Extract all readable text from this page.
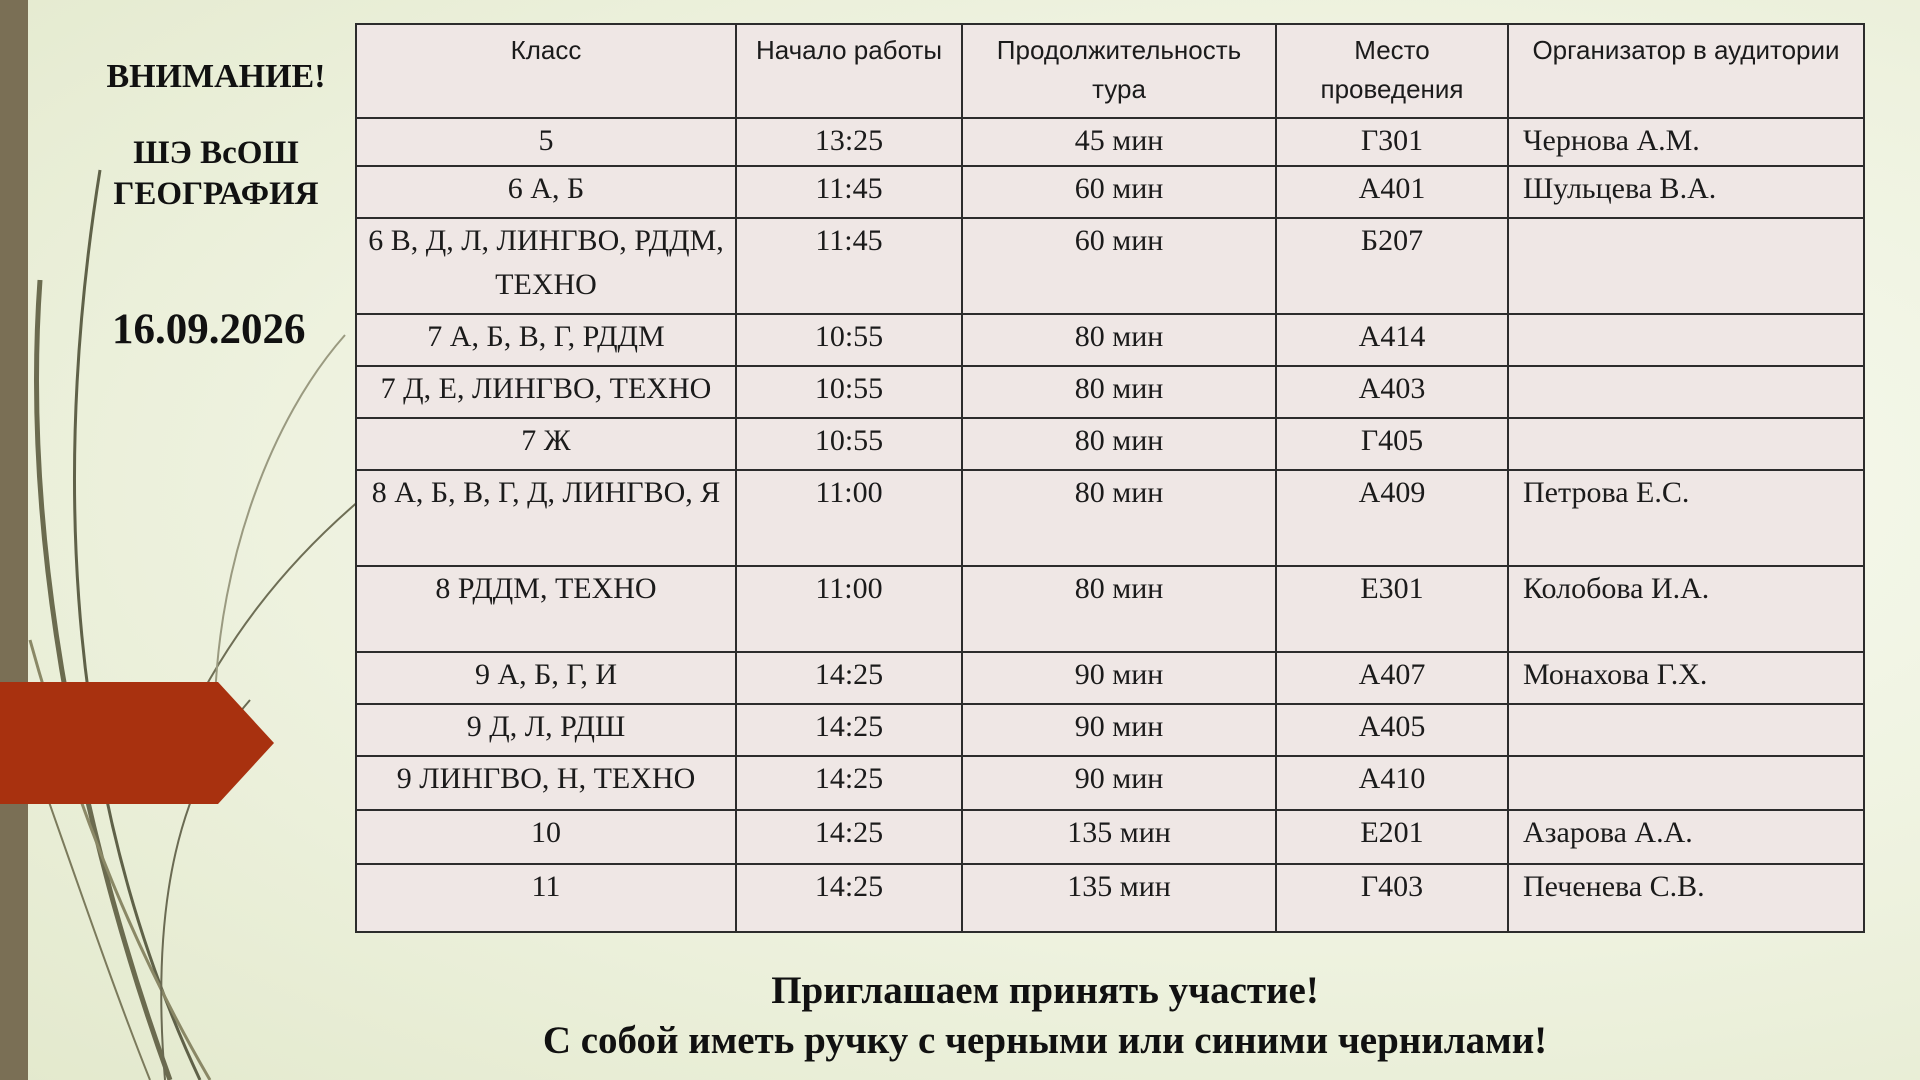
ВНИМАНИЕ!
ШЭ ВсОШ
ГЕОГРАФИЯ
16.09.2026
Класс	Начало работы	Продолжительность тура	Место проведения	Организатор в аудитории
5	13:25	45 мин	Г301	Чернова А.М.
6 А, Б	11:45	60 мин	А401	Шульцева В.А.
6 В, Д, Л, ЛИНГВО, РДДМ, ТЕХНО	11:45	60 мин	Б207	
7 А, Б, В, Г, РДДМ	10:55	80 мин	А414	
7 Д, Е, ЛИНГВО, ТЕХНО	10:55	80 мин	А403	
7 Ж	10:55	80 мин	Г405	
8 А, Б, В, Г, Д, ЛИНГВО, Я	11:00	80 мин	А409	Петрова Е.С.
8 РДДМ, ТЕХНО	11:00	80 мин	Е301	Колобова И.А.
9 А, Б, Г, И	14:25	90 мин	А407	Монахова Г.Х.
9 Д, Л, РДШ	14:25	90 мин	А405	
9 ЛИНГВО, Н, ТЕХНО	14:25	90 мин	А410	
10	14:25	135 мин	Е201	Азарова А.А.
11	14:25	135 мин	Г403	Печенева С.В.
Приглашаем принять участие!
С собой иметь ручку с черными или синими чернилами!
